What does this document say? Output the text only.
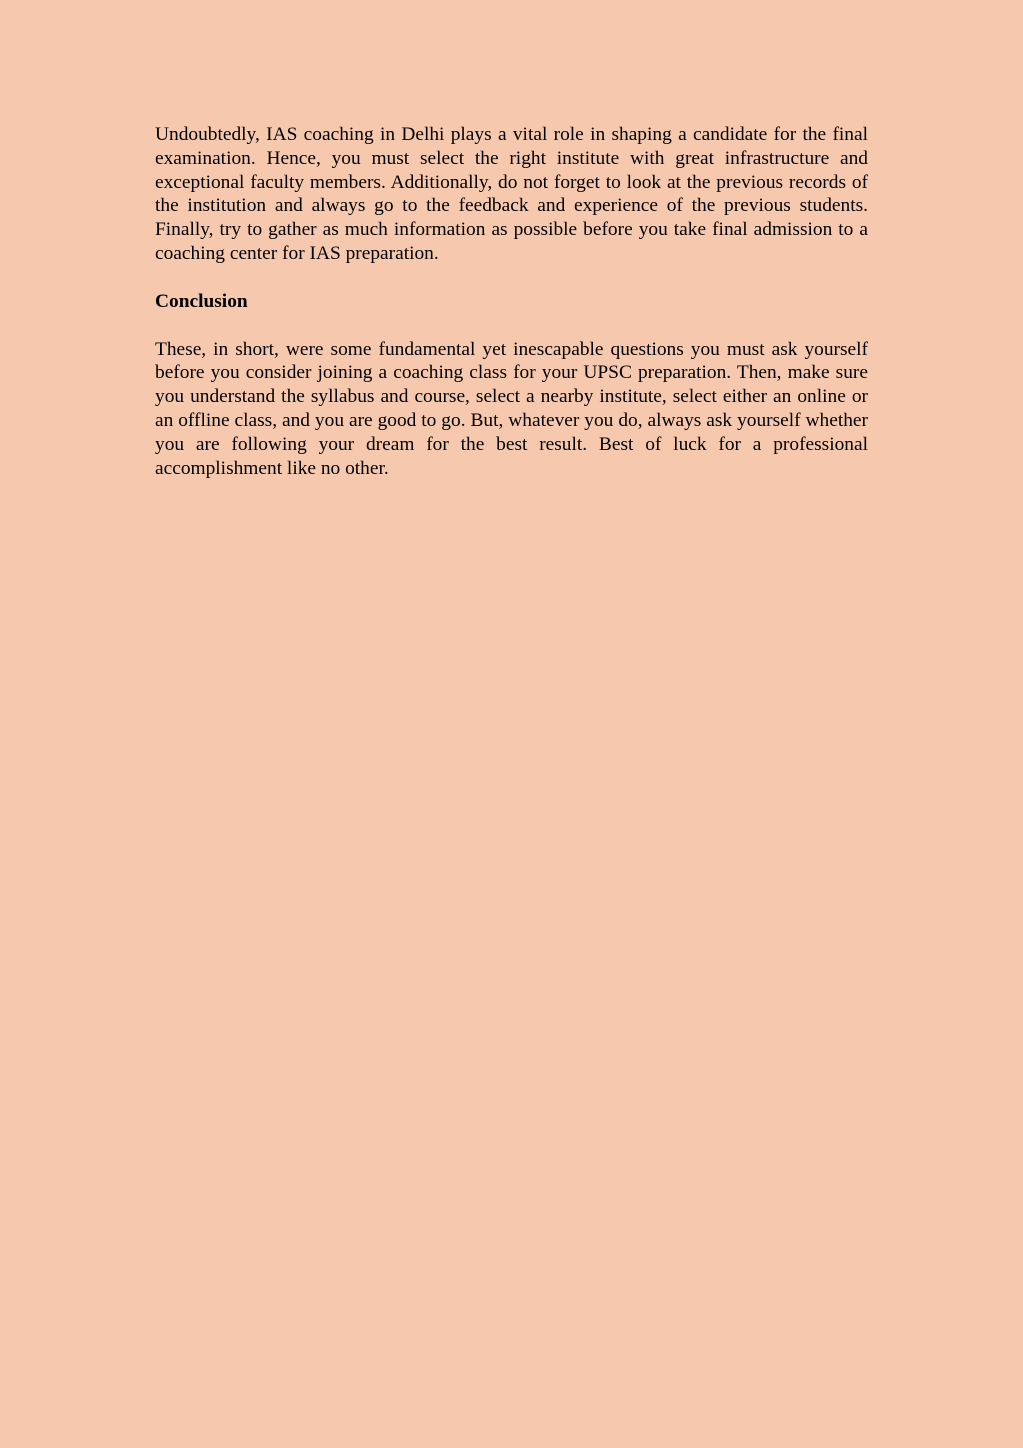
Undoubtedly, IAS coaching in Delhi plays a vital role in shaping a candidate for the final examination. Hence, you must select the right institute with great infrastructure and exceptional faculty members. Additionally, do not forget to look at the previous records of the institution and always go to the feedback and experience of the previous students. Finally, try to gather as much information as possible before you take final admission to a coaching center for IAS preparation.

Conclusion

These, in short, were some fundamental yet inescapable questions you must ask yourself before you consider joining a coaching class for your UPSC preparation. Then, make sure you understand the syllabus and course, select a nearby institute, select either an online or an offline class, and you are good to go. But, whatever you do, always ask yourself whether you are following your dream for the best result. Best of luck for a professional accomplishment like no other.
